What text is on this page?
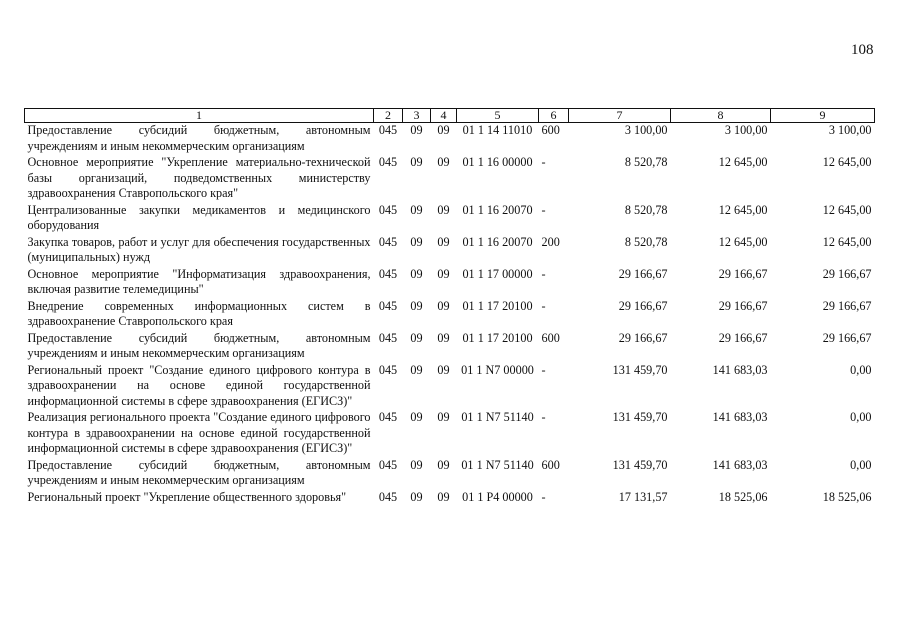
108
1	2	3	4	5	6	7	8	9
Предоставление субсидий бюджетным, автономным учреждениям и иным некоммерческим организациям	045	09	09	01 1 14 11010	600	3 100,00	3 100,00	3 100,00
Основное мероприятие "Укрепление материально-технической базы организаций, подведомственных министерству здравоохранения Ставропольского края"	045	09	09	01 1 16 00000	-	8 520,78	12 645,00	12 645,00
Централизованные закупки медикаментов и медицинского оборудования	045	09	09	01 1 16 20070	-	8 520,78	12 645,00	12 645,00
Закупка товаров, работ и услуг для обеспечения государственных (муниципальных) нужд	045	09	09	01 1 16 20070	200	8 520,78	12 645,00	12 645,00
Основное мероприятие "Информатизация здравоохранения, включая развитие телемедицины"	045	09	09	01 1 17 00000	-	29 166,67	29 166,67	29 166,67
Внедрение современных информационных систем в здравоохранение Ставропольского края	045	09	09	01 1 17 20100	-	29 166,67	29 166,67	29 166,67
Предоставление субсидий бюджетным, автономным учреждениям и иным некоммерческим организациям	045	09	09	01 1 17 20100	600	29 166,67	29 166,67	29 166,67
Региональный проект "Создание единого цифрового контура в здравоохранении на основе единой государственной информационной системы в сфере здравоохранения (ЕГИСЗ)"	045	09	09	01 1 N7 00000	-	131 459,70	141 683,03	0,00
Реализация регионального проекта "Создание единого цифрового контура в здравоохранении на основе единой государственной информационной системы в сфере здравоохранения (ЕГИСЗ)"	045	09	09	01 1 N7 51140	-	131 459,70	141 683,03	0,00
Предоставление субсидий бюджетным, автономным учреждениям и иным некоммерческим организациям	045	09	09	01 1 N7 51140	600	131 459,70	141 683,03	0,00
Региональный проект "Укрепление общественного здоровья"	045	09	09	01 1 P4 00000	-	17 131,57	18 525,06	18 525,06
